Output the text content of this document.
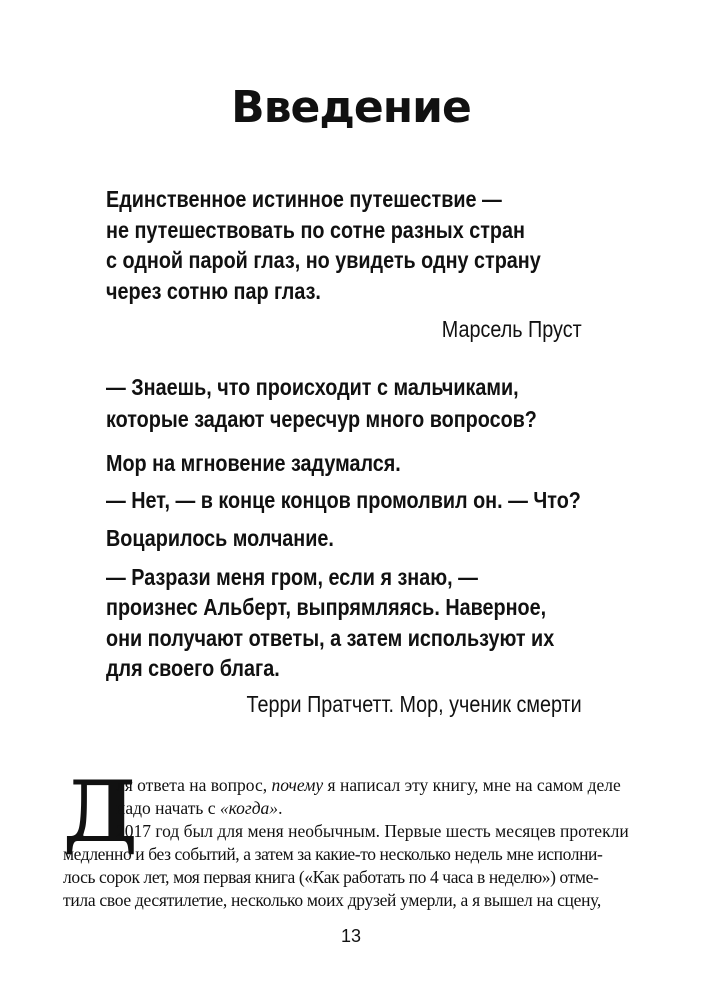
Введение
Единственное истинное путешествие —
не путешествовать по сотне разных стран
с одной парой глаз, но увидеть одну страну
через сотню пар глаз.
Марсель Пруст
— Знаешь, что происходит с мальчиками,
которые задают чересчур много вопросов?
Мор на мгновение задумался.
— Нет, — в конце концов промолвил он. — Что?
Воцарилось молчание.
— Разрази меня гром, если я знаю, —
произнес Альберт, выпрямляясь. Наверное,
они получают ответы, а затем используют их
для своего блага.
Терри Пратчетт. Мор, ученик смерти
Д
ля ответа на вопрос, почему я написал эту книгу, мне на самом деле
надо начать с «когда».
2017 год был для меня необычным. Первые шесть месяцев протекли
медленно и без событий, а затем за какие-то несколько недель мне исполни-
лось сорок лет, моя первая книга («Как работать по 4 часа в неделю») отме-
тила свое десятилетие, несколько моих друзей умерли, а я вышел на сцену,
13
